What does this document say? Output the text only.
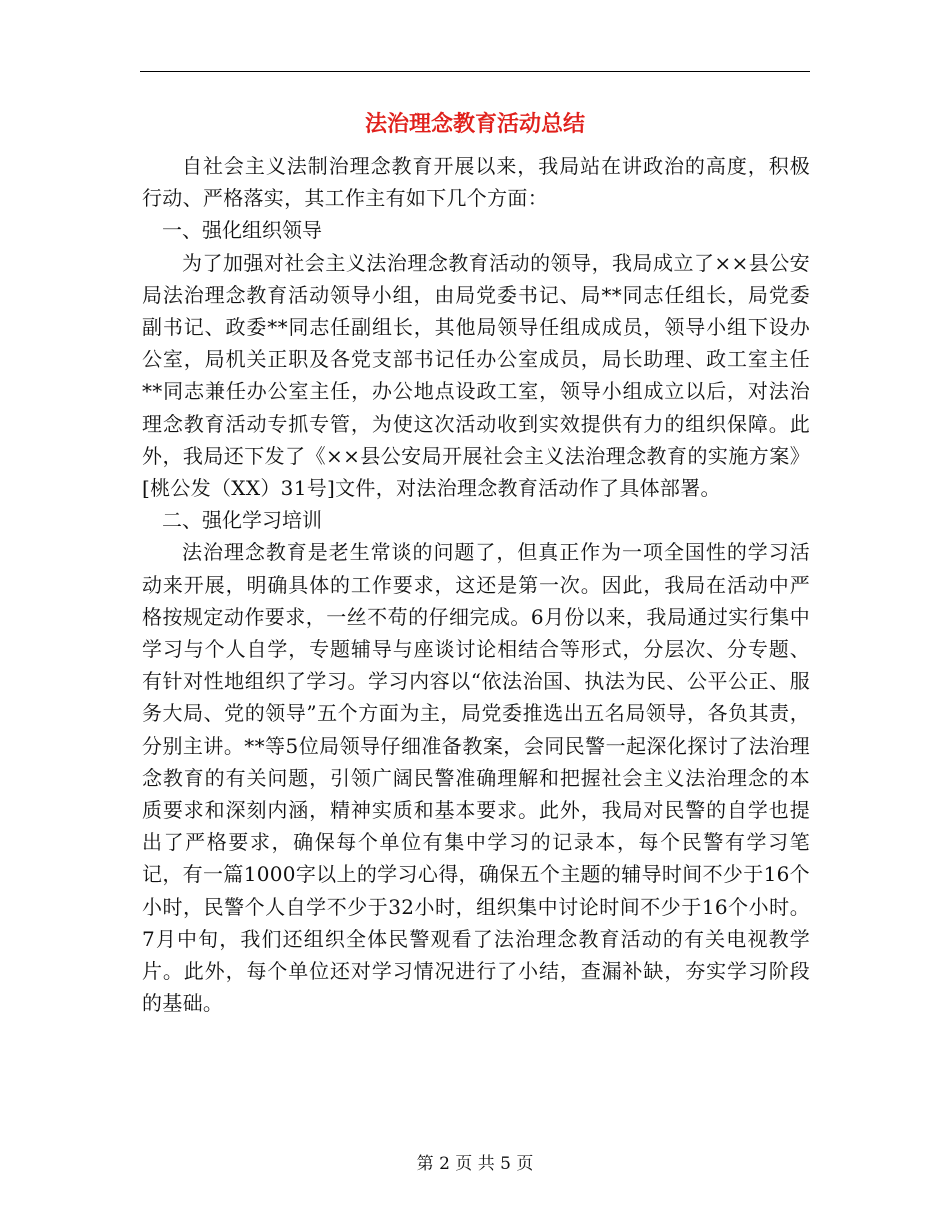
法治理念教育活动总结

自社会主义法制治理念教育开展以来，我局站在讲政治的高度，积极行动、严格落实，其工作主有如下几个方面：

一、强化组织领导

为了加强对社会主义法治理念教育活动的领导，我局成立了××县公安局法治理念教育活动领导小组，由局党委书记、局**同志任组长，局党委副书记、政委**同志任副组长，其他局领导任组成成员，领导小组下设办公室，局机关正职及各党支部书记任办公室成员，局长助理、政工室主任**同志兼任办公室主任，办公地点设政工室，领导小组成立以后，对法治理念教育活动专抓专管，为使这次活动收到实效提供有力的组织保障。此外，我局还下发了《××县公安局开展社会主义法治理念教育的实施方案》[桃公发（XX）31号]文件，对法治理念教育活动作了具体部署。

二、强化学习培训

法治理念教育是老生常谈的问题了，但真正作为一项全国性的学习活动来开展，明确具体的工作要求，这还是第一次。因此，我局在活动中严格按规定动作要求，一丝不苟的仔细完成。6月份以来，我局通过实行集中学习与个人自学，专题辅导与座谈讨论相结合等形式，分层次、分专题、有针对性地组织了学习。学习内容以“依法治国、执法为民、公平公正、服务大局、党的领导”五个方面为主，局党委推选出五名局领导，各负其责，分别主讲。**等5位局领导仔细准备教案，会同民警一起深化探讨了法治理念教育的有关问题，引领广阔民警准确理解和把握社会主义法治理念的本质要求和深刻内涵，精神实质和基本要求。此外，我局对民警的自学也提出了严格要求，确保每个单位有集中学习的记录本，每个民警有学习笔记，有一篇1000字以上的学习心得，确保五个主题的辅导时间不少于16个小时，民警个人自学不少于32小时，组织集中讨论时间不少于16个小时。7月中旬，我们还组织全体民警观看了法治理念教育活动的有关电视教学片。此外，每个单位还对学习情况进行了小结，查漏补缺，夯实学习阶段的基础。

第 2 页 共 5 页
